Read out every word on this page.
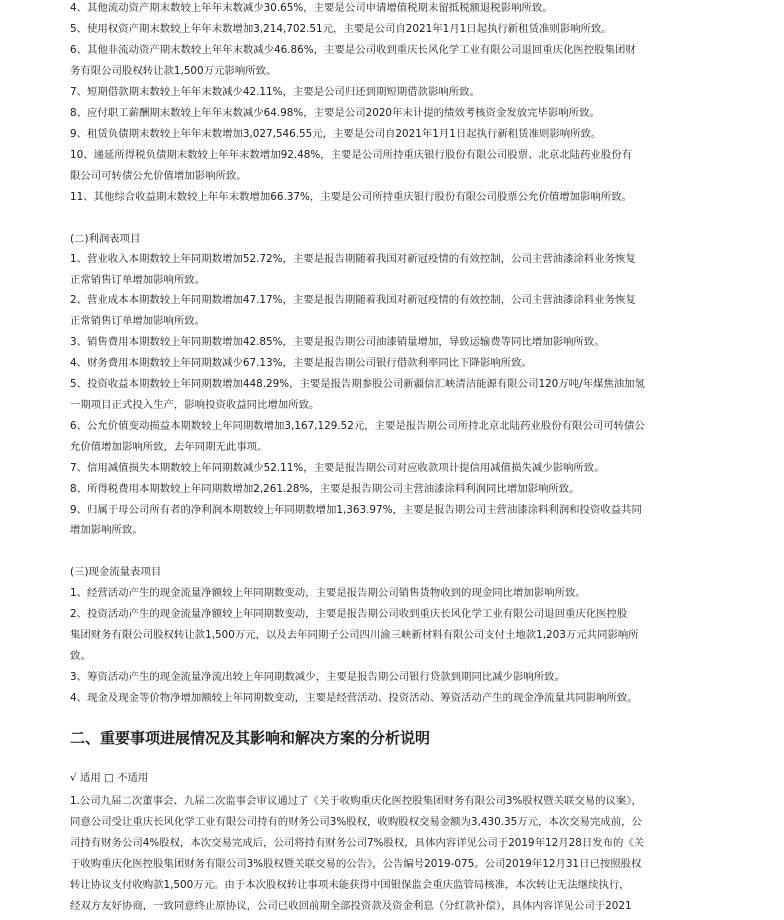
4、其他流动资产期末数较上年年末数减少30.65%，主要是公司申请增值税期末留抵税额退税影响所致。
5、使用权资产期末数较上年年末数增加3,214,702.51元，主要是公司自2021年1月1日起执行新租赁准则影响所致。
6、其他非流动资产期末数较上年年末数减少46.86%，主要是公司收到重庆长风化学工业有限公司退回重庆化医控股集团财
务有限公司股权转让款1,500万元影响所致。
7、短期借款期末数较上年年末数减少42.11%，主要是公司归还到期短期借款影响所致。
8、应付职工薪酬期末数较上年年末数减少64.98%，主要是公司2020年末计提的绩效考核资金发放完毕影响所致。
9、租赁负债期末数较上年年末数增加3,027,546.55元，主要是公司自2021年1月1日起执行新租赁准则影响所致。
10、递延所得税负债期末数较上年年末数增加92.48%，主要是公司所持重庆银行股份有限公司股票、北京北陆药业股份有
限公司可转债公允价值增加影响所致。
11、其他综合收益期末数较上年年末数增加66.37%，主要是公司所持重庆银行股份有限公司股票公允价值增加影响所致。
(二)利润表项目
1、营业收入本期数较上年同期数增加52.72%，主要是报告期随着我国对新冠疫情的有效控制，公司主营油漆涂料业务恢复
正常销售订单增加影响所致。
2、营业成本本期数较上年同期数增加47.17%，主要是报告期随着我国对新冠疫情的有效控制，公司主营油漆涂料业务恢复
正常销售订单增加影响所致。
3、销售费用本期数较上年同期数增加42.85%，主要是报告期公司油漆销量增加，导致运输费等同比增加影响所致。
4、财务费用本期数较上年同期数减少67.13%，主要是报告期公司银行借款利率同比下降影响所致。
5、投资收益本期数较上年同期数增加448.29%，主要是报告期参股公司新疆信汇峡清洁能源有限公司120万吨/年煤焦油加氢
一期项目正式投入生产，影响投资收益同比增加所致。
6、公允价值变动损益本期数较上年同期数增加3,167,129.52元，主要是报告期公司所持北京北陆药业股份有限公司可转债公
允价值增加影响所致，去年同期无此事项。
7、信用减值损失本期数较上年同期数减少52.11%，主要是报告期公司对应收款项计提信用减值损失减少影响所致。
8、所得税费用本期数较上年同期数增加2,261.28%，主要是报告期公司主营油漆涂料利润同比增加影响所致。
9、归属于母公司所有者的净利润本期数较上年同期数增加1,363.97%，主要是报告期公司主营油漆涂料利润和投资收益共同
增加影响所致。
(三)现金流量表项目
1、经营活动产生的现金流量净额较上年同期数变动，主要是报告期公司销售货物收到的现金同比增加影响所致。
2、投资活动产生的现金流量净额较上年同期数变动，主要是报告期公司收到重庆长风化学工业有限公司退回重庆化医控股
集团财务有限公司股权转让款1,500万元，以及去年同期子公司四川渝三峡新材料有限公司支付土地款1,203万元共同影响所
致。
3、筹资活动产生的现金流量净流出较上年同期数减少，主要是报告期公司银行贷款到期同比减少影响所致。
4、现金及现金等价物净增加额较上年同期数变动，主要是经营活动、投资活动、筹资活动产生的现金净流量共同影响所致。
二、重要事项进展情况及其影响和解决方案的分析说明
√ 适用 □ 不适用
1.公司九届二次董事会、九届二次监事会审议通过了《关于收购重庆化医控股集团财务有限公司3%股权暨关联交易的议案》，
同意公司受让重庆长风化学工业有限公司持有的财务公司3%股权，收购股权交易金额为3,430.35万元，本次交易完成前，公
司持有财务公司4%股权，本次交易完成后，公司将持有财务公司7%股权，具体内容详见公司于2019年12月28日发布的《关
于收购重庆化医控股集团财务有限公司3%股权暨关联交易的公告》，公告编号2019-075。公司2019年12月31日已按照股权
转让协议支付收购款1,500万元。由于本次股权转让事项未能获得中国银保监会重庆监管局核准，本次转让无法继续执行，
经双方友好协商，一致同意终止原协议，公司已收回前期全部投资款及资金利息（分红款补偿），具体内容详见公司于2021
